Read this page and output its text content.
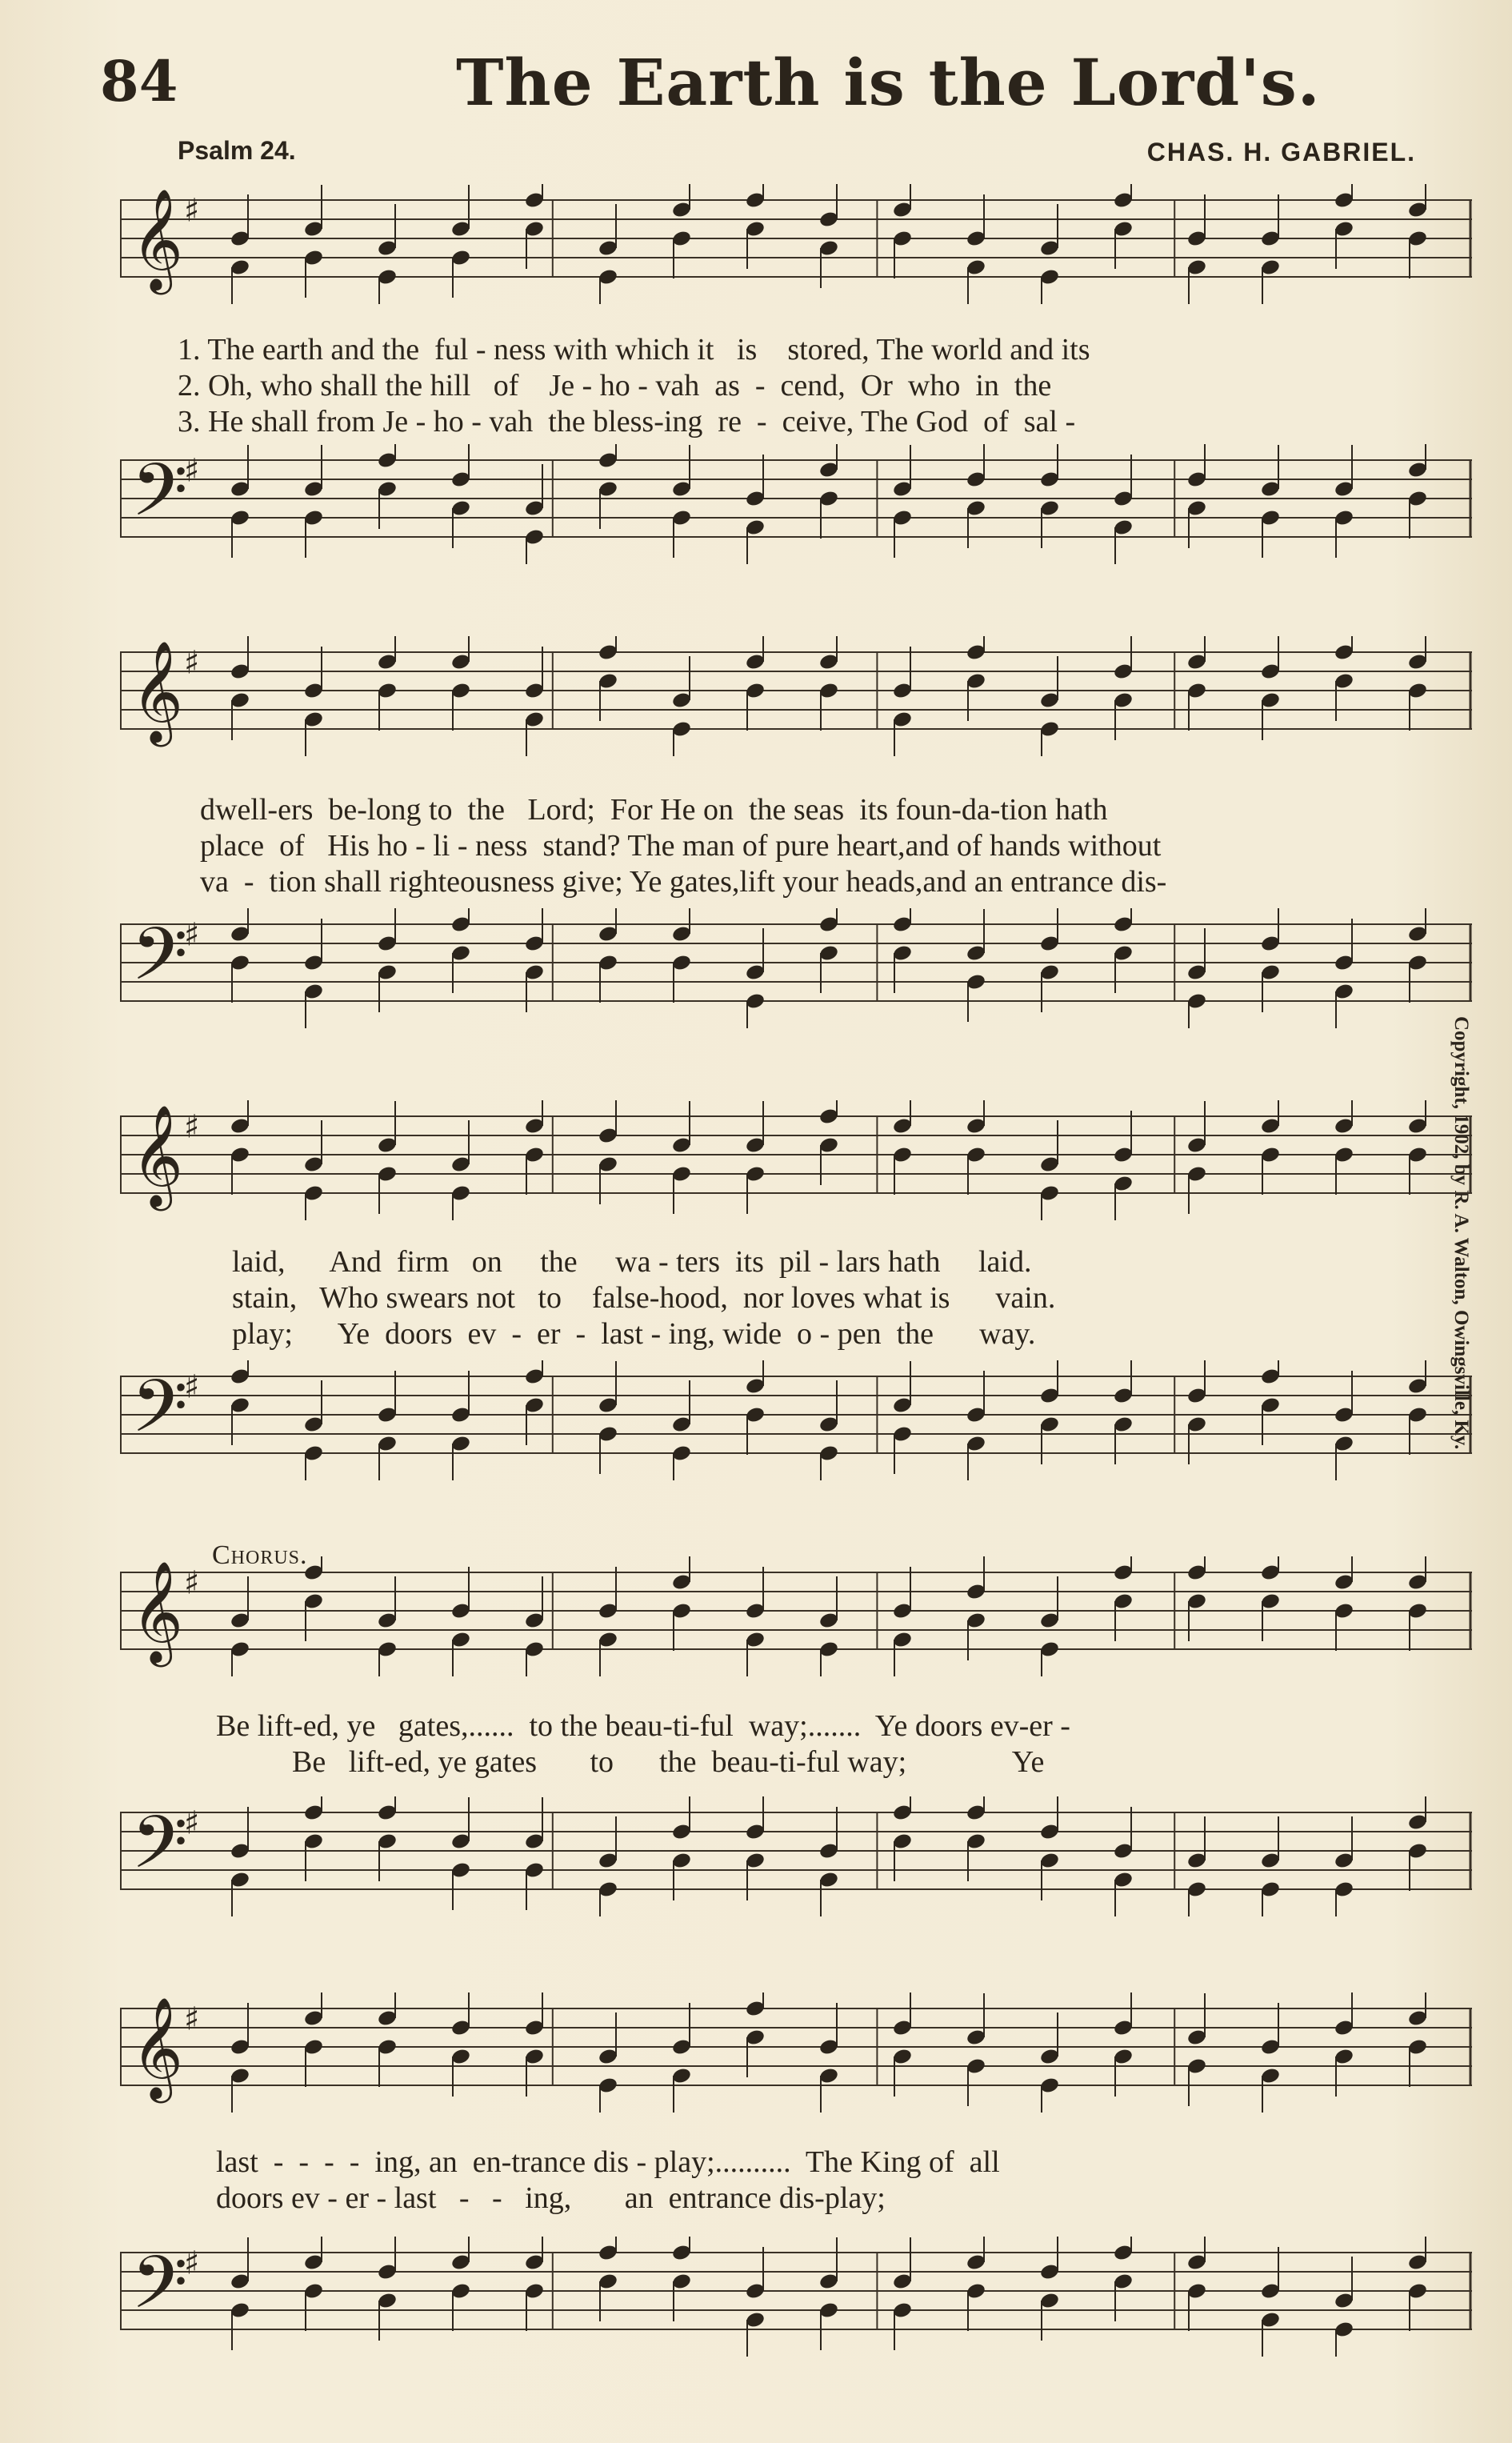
84	The Earth is the Lord's.
Psalm 24.	CHAS. H. GABRIEL.
Copyright, 1902, by R. A. Walton, Owingsville, Ky.
𝄞 ♯
1. The earth and the  ful - ness with which it   is    stored, The world and its
2. Oh, who shall the hill   of    Je - ho - vah  as  -  cend,  Or  who  in  the
3. He shall from Je - ho - vah  the bless-ing  re  -  ceive, The God  of  sal -
𝄢
♯
𝄞 ♯
dwell-ers  be-long to  the   Lord;  For He on  the seas  its foun-da-tion hath
place  of   His ho - li - ness  stand? The man of pure heart,and of hands without
va  -  tion shall righteousness give; Ye gates,lift your heads,and an entrance dis-
𝄢
♯
𝄞 ♯
laid,      And  firm   on     the     wa - ters  its  pil - lars hath     laid.
stain,   Who swears not   to    false-hood,  nor loves what is      vain.
play;      Ye  doors  ev  -  er  -  last - ing, wide  o - pen  the      way.
𝄢
♯
Chorus.
𝄞 ♯
Be lift-ed, ye   gates,......  to the beau-ti-ful  way;.......  Ye doors ev-er -
Be   lift-ed, ye gates       to      the  beau-ti-ful way;              Ye
𝄢
♯
𝄞 ♯
last  -  -  -  -  ing, an  en-trance dis - play;..........  The King of  all
doors ev - er - last   -   -   ing,       an  entrance dis-play;
𝄢
♯
